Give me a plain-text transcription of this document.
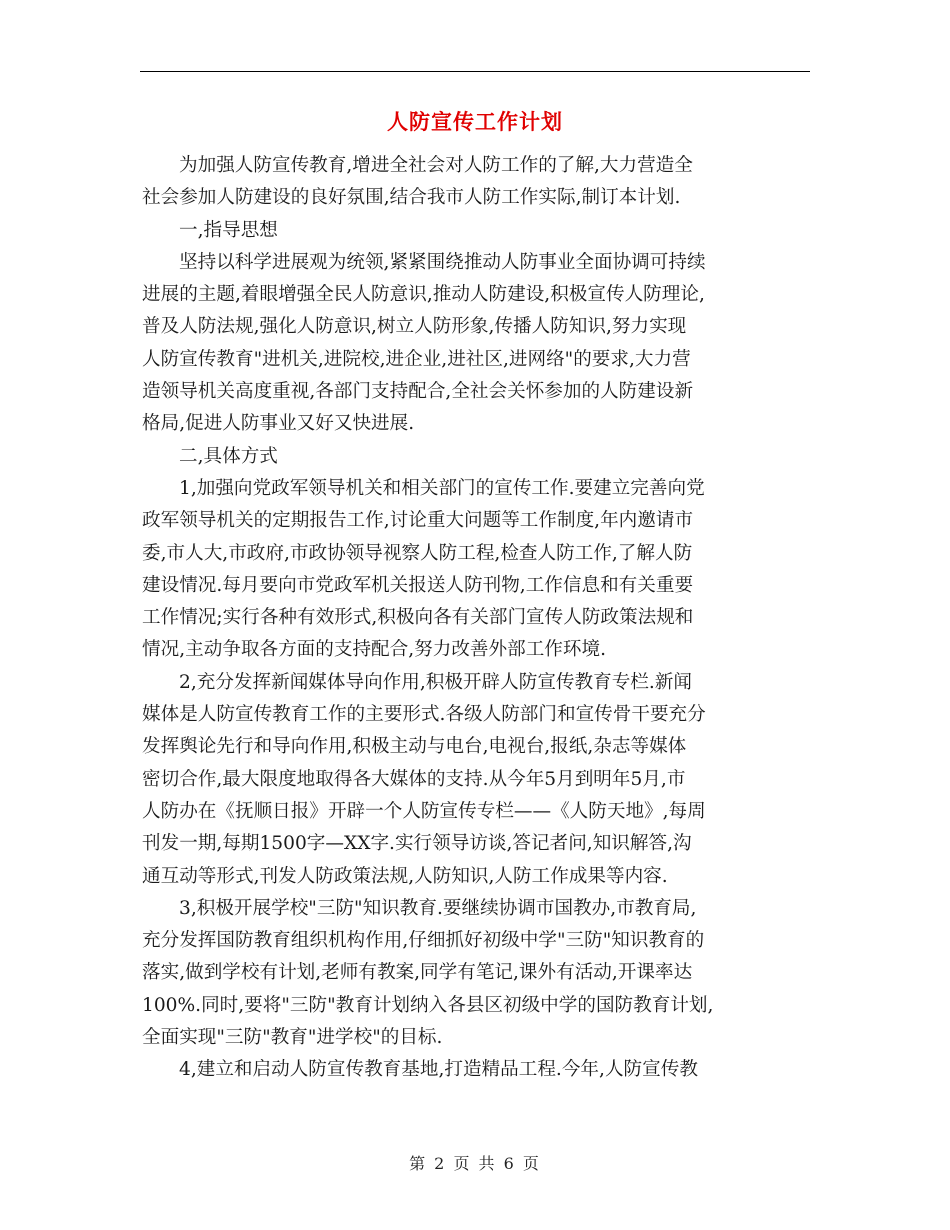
人防宣传工作计划

为加强人防宣传教育,增进全社会对人防工作的了解,大力营造全
社会参加人防建设的良好氛围,结合我市人防工作实际,制订本计划.

一,指导思想

坚持以科学进展观为统领,紧紧围绕推动人防事业全面协调可持续
进展的主题,着眼增强全民人防意识,推动人防建设,积极宣传人防理论,
普及人防法规,强化人防意识,树立人防形象,传播人防知识,努力实现
人防宣传教育"进机关,进院校,进企业,进社区,进网络"的要求,大力营
造领导机关高度重视,各部门支持配合,全社会关怀参加的人防建设新
格局,促进人防事业又好又快进展.

二,具体方式

1,加强向党政军领导机关和相关部门的宣传工作.要建立完善向党
政军领导机关的定期报告工作,讨论重大问题等工作制度,年内邀请市
委,市人大,市政府,市政协领导视察人防工程,检查人防工作,了解人防
建设情况.每月要向市党政军机关报送人防刊物,工作信息和有关重要
工作情况;实行各种有效形式,积极向各有关部门宣传人防政策法规和
情况,主动争取各方面的支持配合,努力改善外部工作环境.

2,充分发挥新闻媒体导向作用,积极开辟人防宣传教育专栏.新闻
媒体是人防宣传教育工作的主要形式.各级人防部门和宣传骨干要充分
发挥舆论先行和导向作用,积极主动与电台,电视台,报纸,杂志等媒体
密切合作,最大限度地取得各大媒体的支持.从今年5月到明年5月,市
人防办在《抚顺日报》开辟一个人防宣传专栏——《人防天地》,每周
刊发一期,每期1500字—XX字.实行领导访谈,答记者问,知识解答,沟
通互动等形式,刊发人防政策法规,人防知识,人防工作成果等内容.

3,积极开展学校"三防"知识教育.要继续协调市国教办,市教育局,
充分发挥国防教育组织机构作用,仔细抓好初级中学"三防"知识教育的
落实,做到学校有计划,老师有教案,同学有笔记,课外有活动,开课率达
100%.同时,要将"三防"教育计划纳入各县区初级中学的国防教育计划,
全面实现"三防"教育"进学校"的目标.

4,建立和启动人防宣传教育基地,打造精品工程.今年,人防宣传教

第 2 页 共 6 页
